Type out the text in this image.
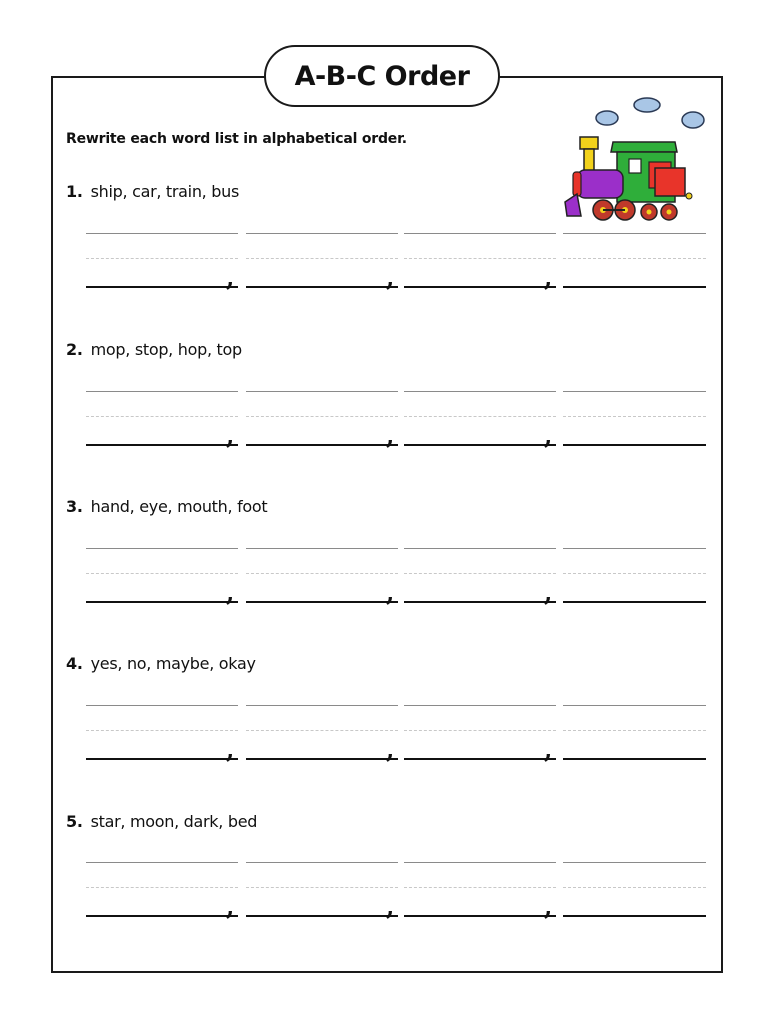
A-B-C Order
Rewrite each word list in alphabetical order.
1. ship, car, train, bus
,	,	,
2. mop, stop, hop, top
,	,	,
3. hand, eye, mouth, foot
,	,	,
4. yes, no, maybe, okay
,	,	,
5. star, moon, dark, bed
,	,	,
